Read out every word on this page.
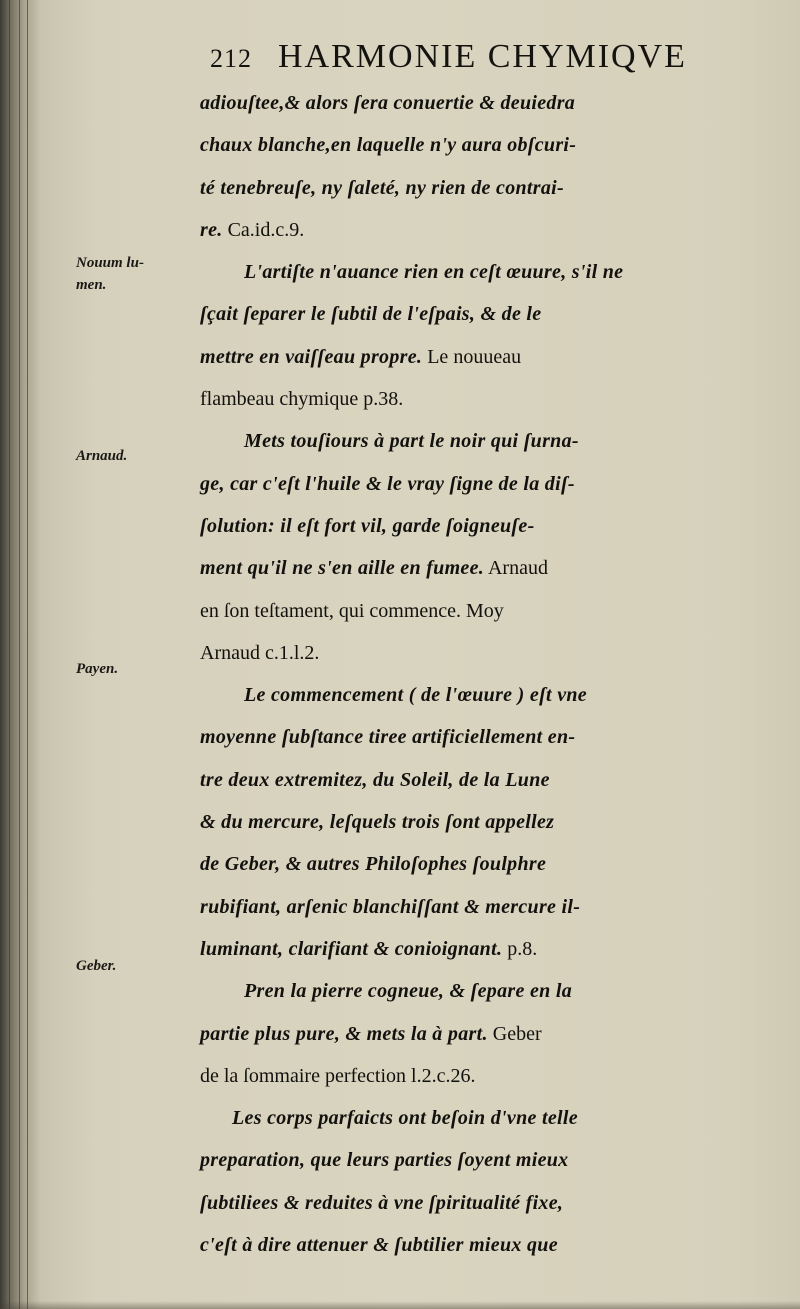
212 HARMONIE CHYMIQVE
Nouum lu-
men.
Arnaud.
Payen.
Geber.
adiouſtee,& alors ſera conuertie & deuiedra
chaux blanche,en laquelle n'y aura obſcuri-
té tenebreuſe, ny ſaleté, ny rien de contrai-
re. Ca.id.c.9.
L'artiſte n'auance rien en ceſt œuure, s'il ne
ſçait ſeparer le ſubtil de l'eſpais, & de le
mettre en vaiſſeau propre. Le nouueau
flambeau chymique p.38.
Mets touſiours à part le noir qui ſurna-
ge, car c'eſt l'huile & le vray ſigne de la diſ-
ſolution: il eſt fort vil, garde ſoigneuſe-
ment qu'il ne s'en aille en fumee. Arnaud
en ſon teſtament, qui commence. Moy
Arnaud c.1.l.2.
Le commencement ( de l'œuure ) eſt vne
moyenne ſubſtance tiree artificiellement en-
tre deux extremitez, du Soleil, de la Lune
& du mercure, leſquels trois ſont appellez
de Geber, & autres Philoſophes ſoulphre
rubifiant, arſenic blanchiſſant & mercure il-
luminant, clarifiant & conioignant. p.8.
Pren la pierre cogneue, & ſepare en la
partie plus pure, & mets la à part. Geber
de la ſommaire perfection l.2.c.26.
Les corps parfaicts ont beſoin d'vne telle
preparation, que leurs parties ſoyent mieux
ſubtiliees & reduites à vne ſpiritualité fixe,
c'eſt à dire attenuer & ſubtilier mieux que
